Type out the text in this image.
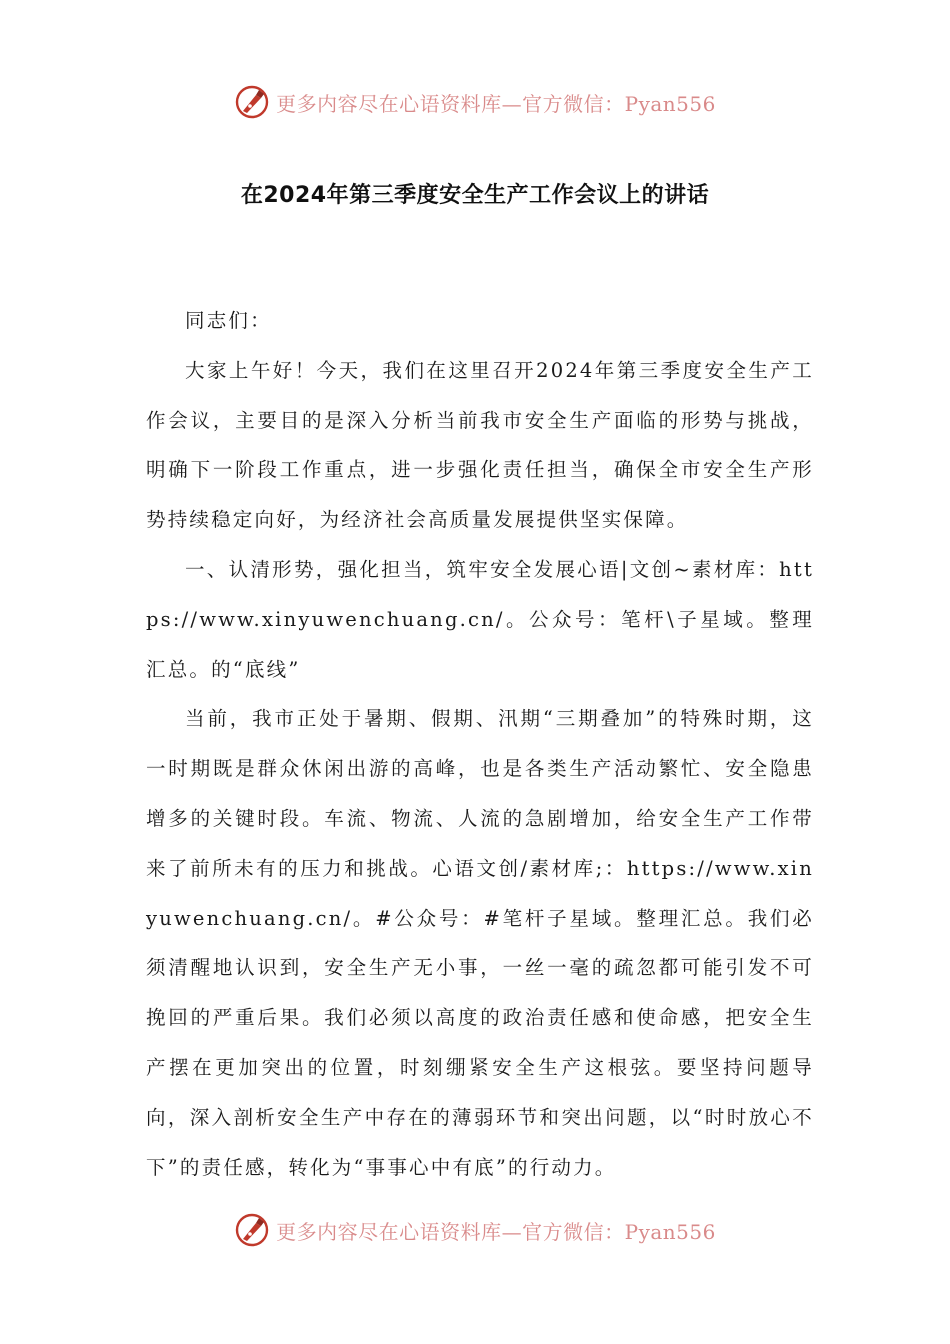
更多内容尽在心语资料库—官方微信：Pyan556
在2024年第三季度安全生产工作会议上的讲话

同志们：

大家上午好！今天，我们在这里召开2024年第三季度安全生产工作会议，主要目的是深入分析当前我市安全生产面临的形势与挑战，明确下一阶段工作重点，进一步强化责任担当，确保全市安全生产形势持续稳定向好，为经济社会高质量发展提供坚实保障。

一、认清形势，强化担当，筑牢安全发展心语|文创~素材库：https://www.xinyuwenchuang.cn/。公众号：笔杆\子星域。整理汇总。的“底线”

当前，我市正处于暑期、假期、汛期“三期叠加”的特殊时期，这一时期既是群众休闲出游的高峰，也是各类生产活动繁忙、安全隐患增多的关键时段。车流、物流、人流的急剧增加，给安全生产工作带来了前所未有的压力和挑战。心语文创/素材库;：https://www.xinyuwenchuang.cn/。#公众号：#笔杆子星域。整理汇总。我们必须清醒地认识到，安全生产无小事，一丝一毫的疏忽都可能引发不可挽回的严重后果。我们必须以高度的政治责任感和使命感，把安全生产摆在更加突出的位置，时刻绷紧安全生产这根弦。要坚持问题导向，深入剖析安全生产中存在的薄弱环节和突出问题，以“时时放心不下”的责任感，转化为“事事心中有底”的行动力。

更多内容尽在心语资料库—官方微信：Pyan556
